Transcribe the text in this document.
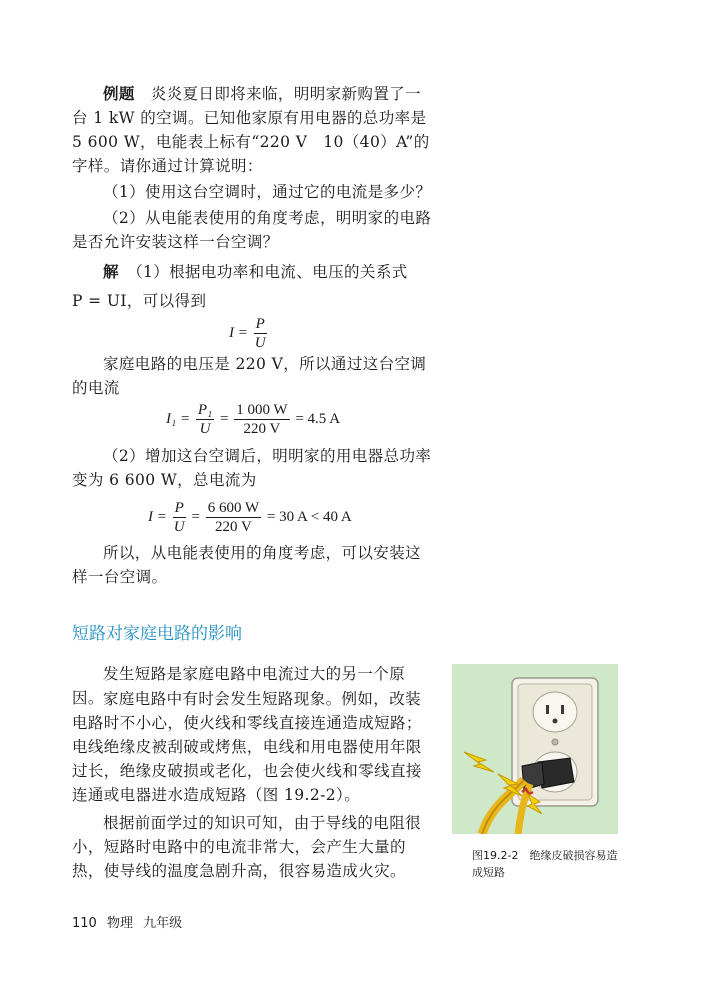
例题　 炎炎夏日即将来临，明明家新购置了一台 1 kW 的空调。已知他家原有用电器的总功率是 5 600 W，电能表上标有“220 V　10（40）A”的字样。请你通过计算说明：

（1）使用这台空调时，通过它的电流是多少？

（2）从电能表使用的角度考虑，明明家的电路是否允许安装这样一台空调？

解　 （1）根据电功率和电流、电压的关系式

P = UI，可以得到

$I = \frac{P}{U}$

家庭电路的电压是 220 V，所以通过这台空调的电流

$I_1 = \frac{\text{P₁}}{U} = \frac{1 000 W}{220 V} = 4.5$ A

（2）增加这台空调后，明明家的用电器总功率变为 6 600 W，总电流为

$I = \frac{P}{U} = \frac{6 600 W}{220 V} = 30$ A < 40 A

所以，从电能表使用的角度考虑，可以安装这样一台空调。

短路对家庭电路的影响

发生短路是家庭电路中电流过大的另一个原因。 家庭电路中有时会发生短路现象。例如，改装电路时不小心，使火线和零线直接连通造成短路；电线绝缘皮被刮破或烤焦，电线和用电器使用年限过长，绝缘皮破损或老化，也会使火线和零线直接连通或电器进水造成短路（图 19.2-2）。

根据前面学过的知识可知，由于导线的电阻很小，短路时电路中的电流非常大，会产生大量的热，使导线的温度急剧升高，很容易造成火灾。

图19.2-2　绝缘皮破损容易造成短路
110 物理 九年级
